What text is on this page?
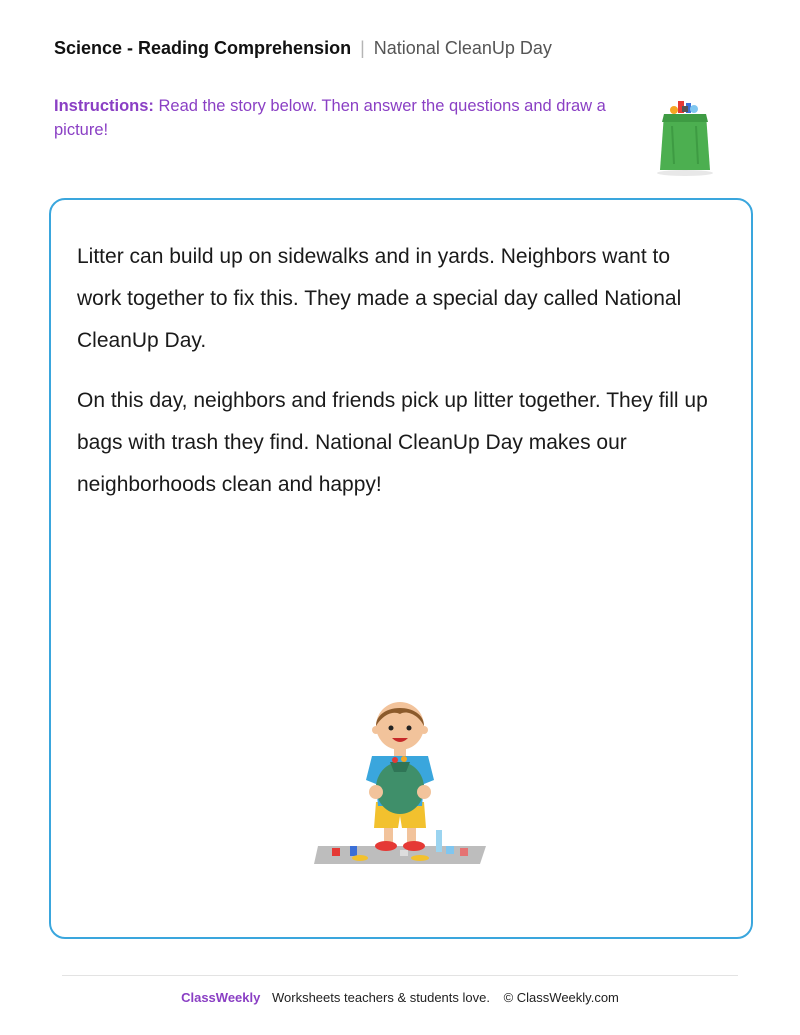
Science - Reading Comprehension | National CleanUp Day
Instructions: Read the story below. Then answer the questions and draw a picture!

Litter can build up on sidewalks and in yards. Neighbors want to work together to fix this. They made a special day called National CleanUp Day.

On this day, neighbors and friends pick up litter together. They fill up bags with trash they find. National CleanUp Day makes our neighborhoods clean and happy!

ClassWeekly Worksheets teachers & students love. © ClassWeekly.com
